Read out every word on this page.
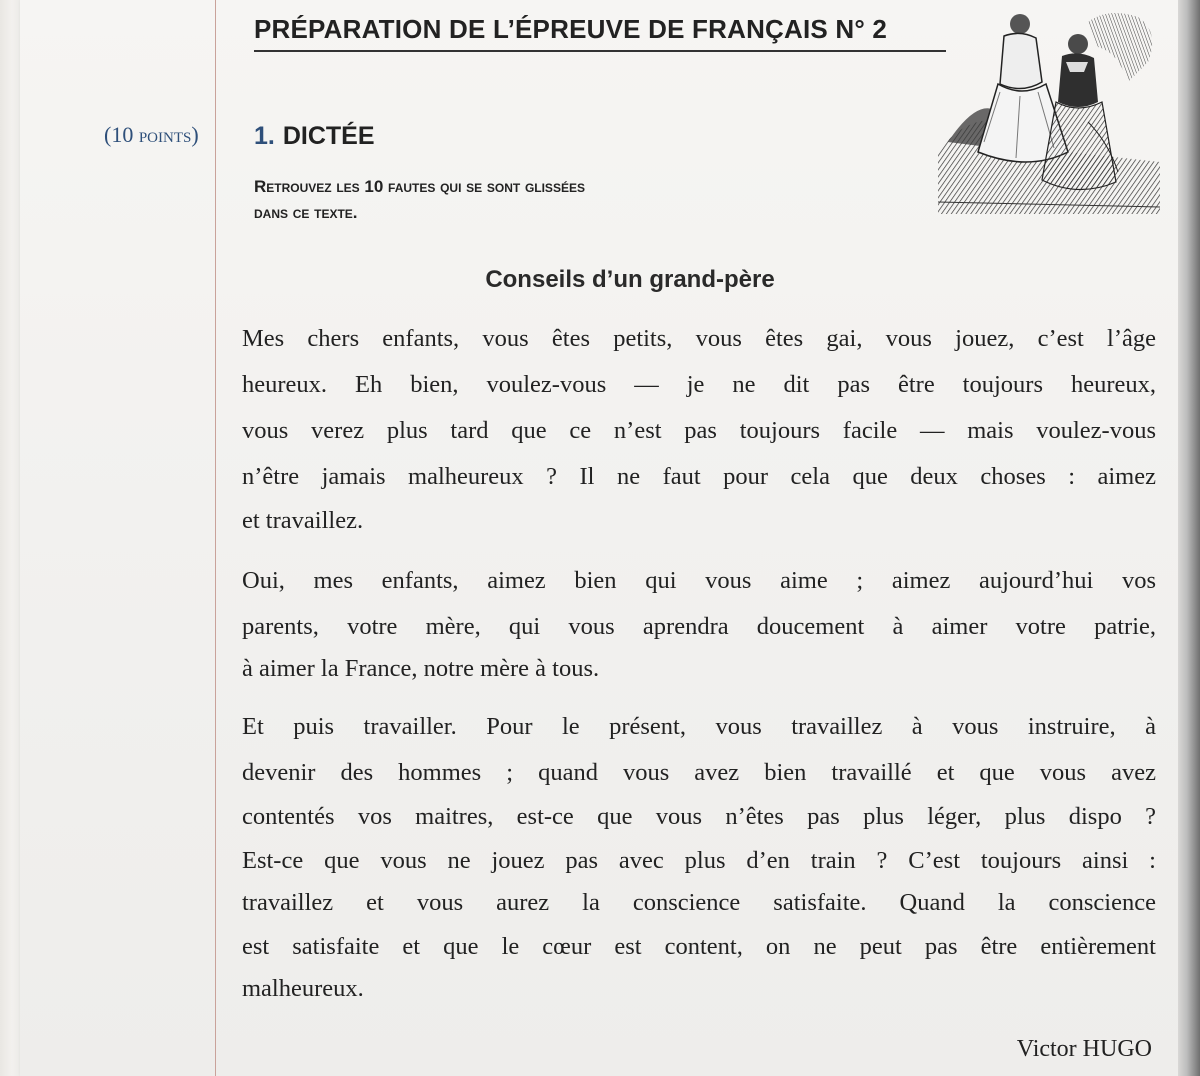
PRÉPARATION DE L’ÉPREUVE DE FRANÇAIS N° 2
(10 points) 1. DICTÉE
Retrouvez les 10 fautes qui se sont glissées
dans ce texte.
Conseils d’un grand-père
Mes chers enfants, vous êtes petits, vous êtes gai, vous jouez, c’est l’âge
heureux. Eh bien, voulez-vous — je ne dit pas être toujours heureux,
vous verez plus tard que ce n’est pas toujours facile — mais voulez-vous
n’être jamais malheureux ? Il ne faut pour cela que deux choses : aimez
et travaillez.
Oui, mes enfants, aimez bien qui vous aime ; aimez aujourd’hui vos
parents, votre mère, qui vous aprendra doucement à aimer votre patrie,
à aimer la France, notre mère à tous.
Et puis travailler. Pour le présent, vous travaillez à vous instruire, à
devenir des hommes ; quand vous avez bien travaillé et que vous avez
contentés vos maitres, est-ce que vous n’êtes pas plus léger, plus dispo ?
Est-ce que vous ne jouez pas avec plus d’en train ? C’est toujours ainsi :
travaillez et vous aurez la conscience satisfaite. Quand la conscience
est satisfaite et que le cœur est content, on ne peut pas être entièrement
malheureux.
Victor HUGO
